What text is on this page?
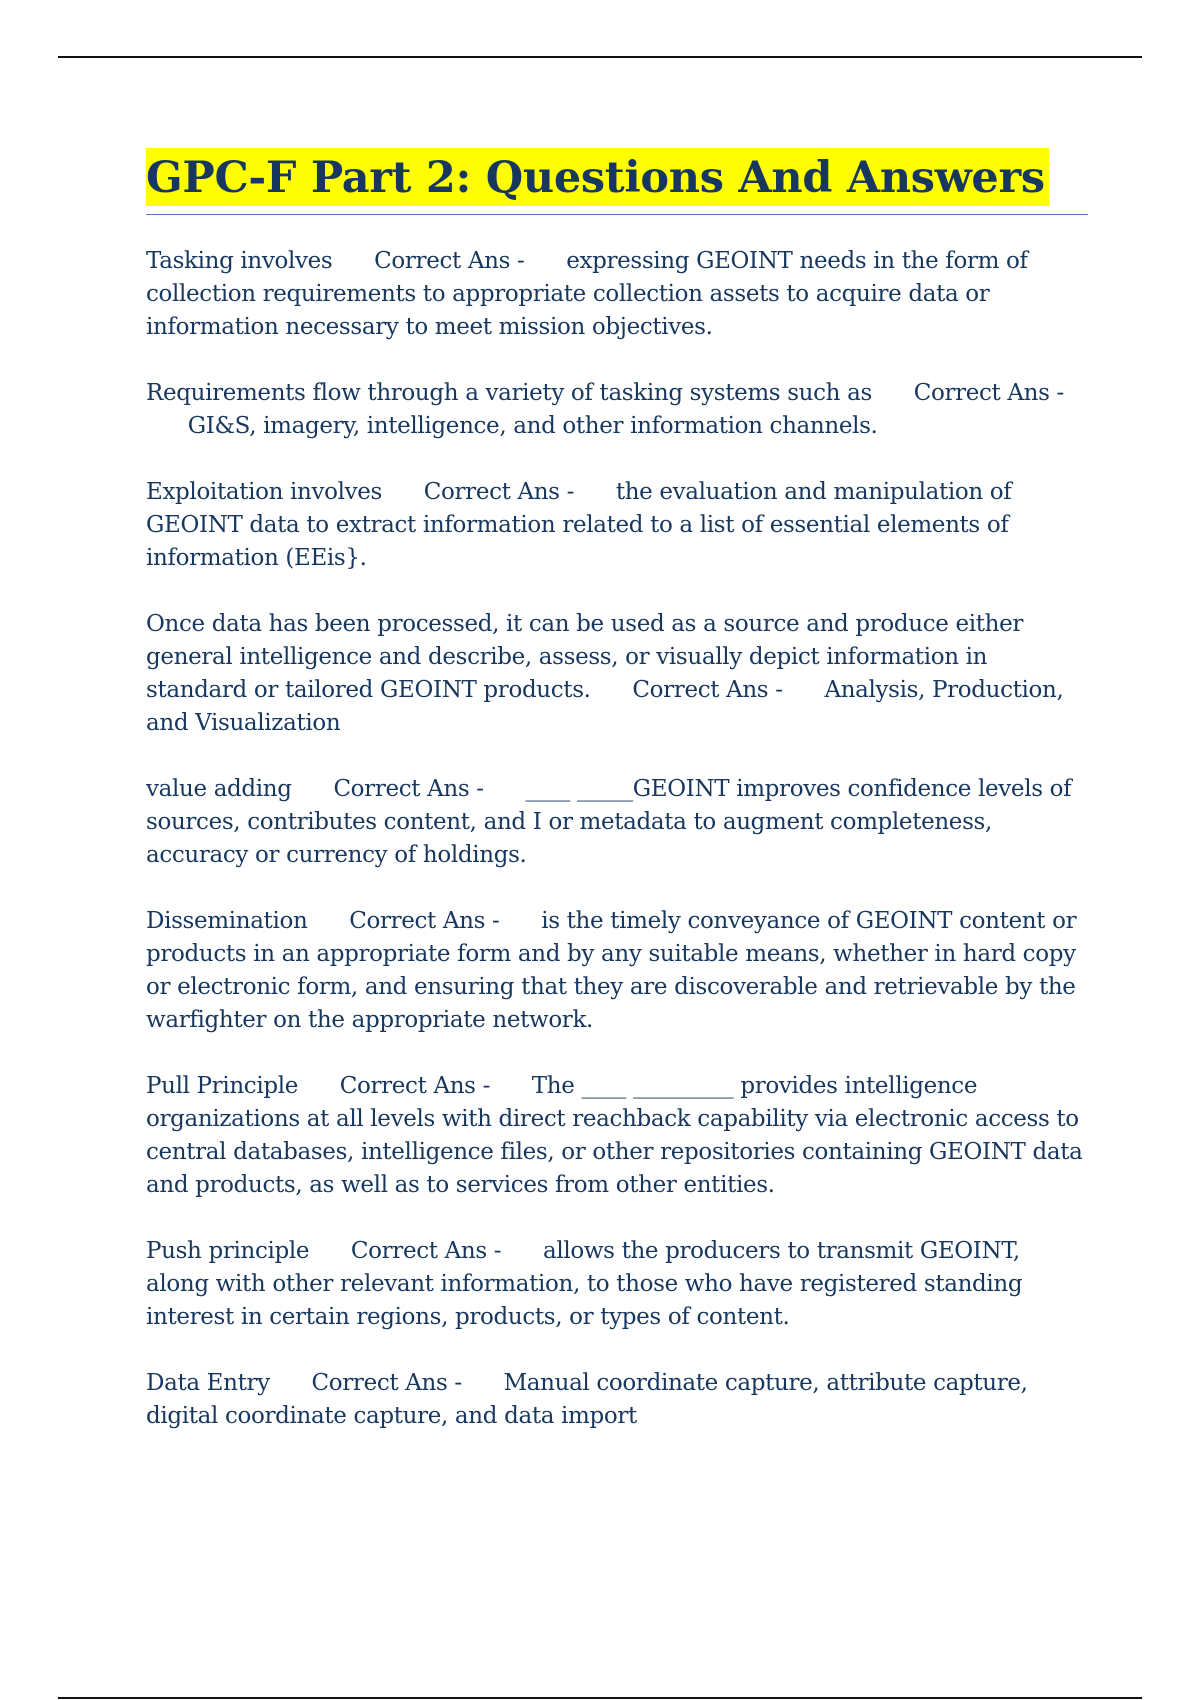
GPC-F Part 2: Questions And Answers

Tasking involves Correct Ans - expressing GEOINT needs in the form of collection requirements to appropriate collection assets to acquire data or information necessary to meet mission objectives.

Requirements flow through a variety of tasking systems such as Correct Ans -      GI&S, imagery, intelligence, and other information channels.

Exploitation involves Correct Ans - the evaluation and manipulation of GEOINT data to extract information related to a list of essential elements of information (EEis}.

Once data has been processed, it can be used as a source and produce either general intelligence and describe, assess, or visually depict information in standard or tailored GEOINT products. Correct Ans - Analysis, Production, and Visualization

value adding Correct Ans - ____ _____GEOINT improves confidence levels of sources, contributes content, and I or metadata to augment completeness, accuracy or currency of holdings.

Dissemination Correct Ans - is the timely conveyance of GEOINT content or products in an appropriate form and by any suitable means, whether in hard copy or electronic form, and ensuring that they are discoverable and retrievable by the warfighter on the appropriate network.

Pull Principle Correct Ans - The ____ _________ provides intelligence organizations at all levels with direct reachback capability via electronic access to central databases, intelligence files, or other repositories containing GEOINT data and products, as well as to services from other entities.

Push principle Correct Ans - allows the producers to transmit GEOINT, along with other relevant information, to those who have registered standing interest in certain regions, products, or types of content.

Data Entry Correct Ans - Manual coordinate capture, attribute capture, digital coordinate capture, and data import
